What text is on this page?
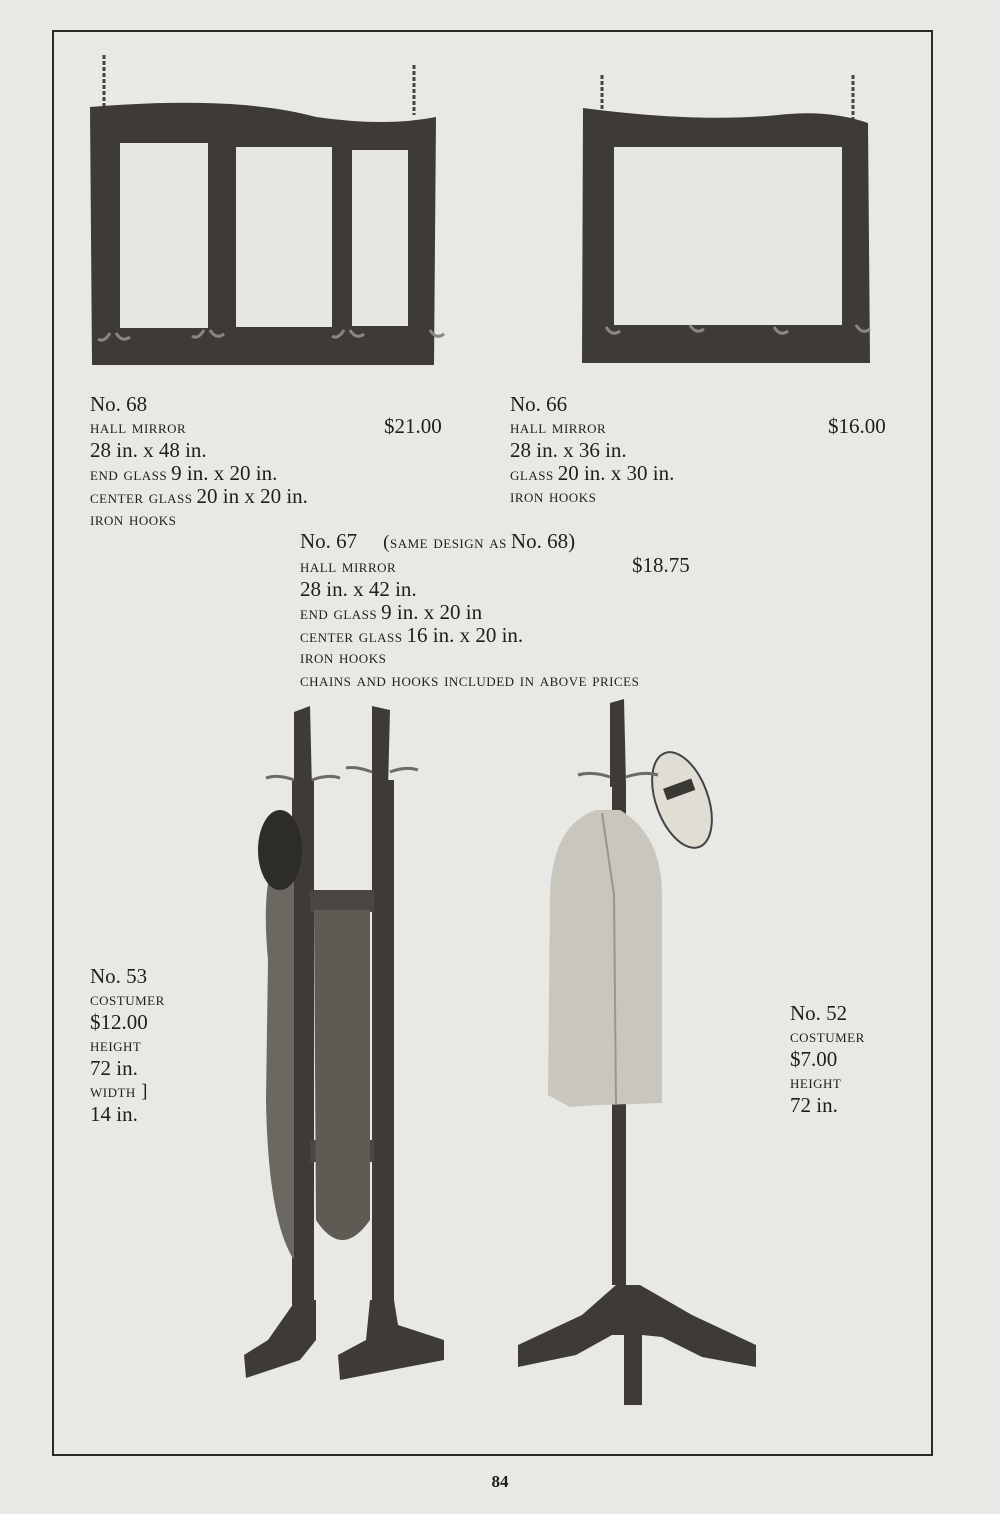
No. 68
hall mirror	$21.00
28 in. x 48 in.
end glass 9 in. x 20 in.
center glass 20 in x 20 in.
iron hooks
No. 66
hall mirror	$16.00
28 in. x 36 in.
glass 20 in. x 30 in.
iron hooks
No. 67 (same design as No. 68)
hall mirror	$18.75
28 in. x 42 in.
end glass 9 in. x 20 in
center glass 16 in. x 20 in.
iron hooks
chains and hooks included in above prices
No. 53
costumer
$12.00
height
72 in.
width ]
14 in.
No. 52
costumer
$7.00
height
72 in.
84
